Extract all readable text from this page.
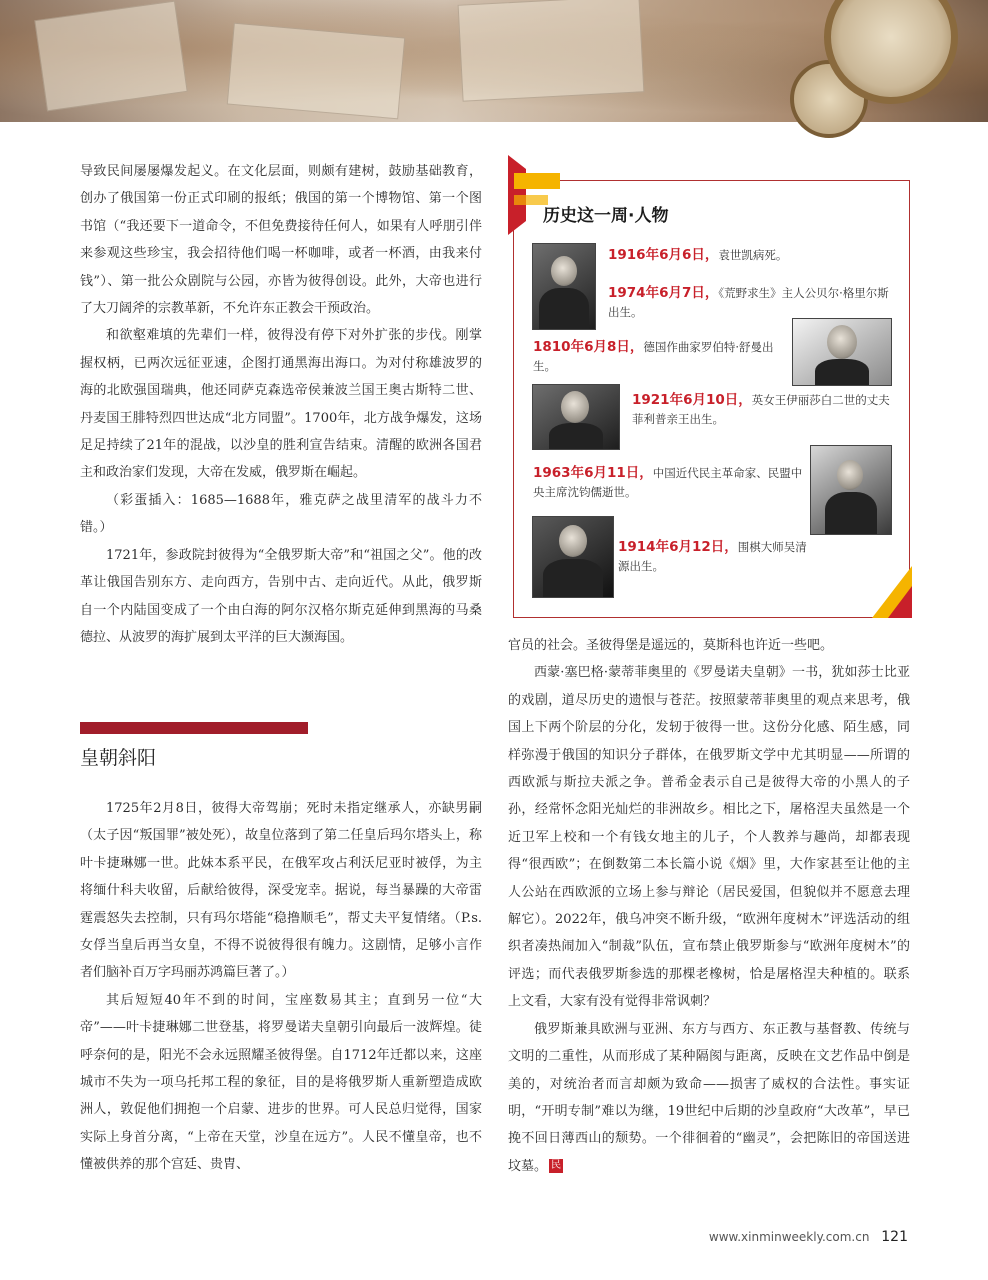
导致民间屡屡爆发起义。在文化层面，则颇有建树，鼓励基础教育，创办了俄国第一份正式印刷的报纸；俄国的第一个博物馆、第一个图书馆（“我还要下一道命令，不但免费接待任何人，如果有人呼朋引伴来参观这些珍宝，我会招待他们喝一杯咖啡，或者一杯酒，由我来付钱”）、第一批公众剧院与公园，亦皆为彼得创设。此外，大帝也进行了大刀阔斧的宗教革新，不允许东正教会干预政治。

和欲壑难填的先辈们一样，彼得没有停下对外扩张的步伐。刚掌握权柄，已两次远征亚速，企图打通黑海出海口。为对付称雄波罗的海的北欧强国瑞典，他还同萨克森选帝侯兼波兰国王奥古斯特二世、丹麦国王腓特烈四世达成“北方同盟”。1700年，北方战争爆发，这场足足持续了21年的混战，以沙皇的胜利宣告结束。清醒的欧洲各国君主和政治家们发现，大帝在发威，俄罗斯在崛起。

（彩蛋插入：1685—1688年，雅克萨之战里清军的战斗力不错。）

1721年，参政院封彼得为“全俄罗斯大帝”和“祖国之父”。他的改革让俄国告别东方、走向西方，告别中古、走向近代。从此，俄罗斯自一个内陆国变成了一个由白海的阿尔汉格尔斯克延伸到黑海的马桑德拉、从波罗的海扩展到太平洋的巨大濒海国。

皇朝斜阳

1725年2月8日，彼得大帝驾崩；死时未指定继承人，亦缺男嗣（太子因“叛国罪”被处死），故皇位落到了第二任皇后玛尔塔头上，称叶卡捷琳娜一世。此妹本系平民，在俄军攻占利沃尼亚时被俘，为主将缅什科夫收留，后献给彼得，深受宠幸。据说，每当暴躁的大帝雷霆震怒失去控制，只有玛尔塔能“稳撸顺毛”，帮丈夫平复情绪。（P.s. 女俘当皇后再当女皇，不得不说彼得很有魄力。这剧情，足够小言作者们脑补百万字玛丽苏鸿篇巨著了。）

其后短短40年不到的时间，宝座数易其主；直到另一位“大帝”——叶卡捷琳娜二世登基，将罗曼诺夫皇朝引向最后一波辉煌。徒呼奈何的是，阳光不会永远照耀圣彼得堡。自1712年迁都以来，这座城市不失为一项乌托邦工程的象征，目的是将俄罗斯人重新塑造成欧洲人，敦促他们拥抱一个启蒙、进步的世界。可人民总归觉得，国家实际上身首分离，“上帝在天堂，沙皇在远方”。人民不懂皇帝，也不懂被供养的那个宫廷、贵胄、

历史这一周·人物
1916年6月6日，袁世凯病死。
1974年6月7日，《荒野求生》主人公贝尔·格里尔斯出生。
1810年6月8日，德国作曲家罗伯特·舒曼出生。
1921年6月10日，英女王伊丽莎白二世的丈夫菲利普亲王出生。
1963年6月11日，中国近代民主革命家、民盟中央主席沈钧儒逝世。
1914年6月12日，围棋大师吴清源出生。

官员的社会。圣彼得堡是遥远的，莫斯科也许近一些吧。

西蒙·塞巴格·蒙蒂菲奥里的《罗曼诺夫皇朝》一书，犹如莎士比亚的戏剧，道尽历史的遗恨与苍茫。按照蒙蒂菲奥里的观点来思考，俄国上下两个阶层的分化，发轫于彼得一世。这份分化感、陌生感，同样弥漫于俄国的知识分子群体，在俄罗斯文学中尤其明显——所谓的西欧派与斯拉夫派之争。普希金表示自己是彼得大帝的小黑人的子孙，经常怀念阳光灿烂的非洲故乡。相比之下，屠格涅夫虽然是一个近卫军上校和一个有钱女地主的儿子，个人教养与趣尚，却都表现得“很西欧”；在倒数第二本长篇小说《烟》里，大作家甚至让他的主人公站在西欧派的立场上参与辩论（居民爱国，但貌似并不愿意去理解它）。2022年，俄乌冲突不断升级，“欧洲年度树木”评选活动的组织者凑热闹加入“制裁”队伍，宣布禁止俄罗斯参与“欧洲年度树木”的评选；而代表俄罗斯参选的那棵老橡树，恰是屠格涅夫种植的。联系上文看，大家有没有觉得非常讽刺？

俄罗斯兼具欧洲与亚洲、东方与西方、东正教与基督教、传统与文明的二重性，从而形成了某种隔阂与距离，反映在文艺作品中倒是美的，对统治者而言却颇为致命——损害了威权的合法性。事实证明，“开明专制”难以为继，19世纪中后期的沙皇政府“大改革”，早已挽不回日薄西山的颓势。一个徘徊着的“幽灵”，会把陈旧的帝国送进坟墓。 民

www.xinminweekly.com.cn 121
